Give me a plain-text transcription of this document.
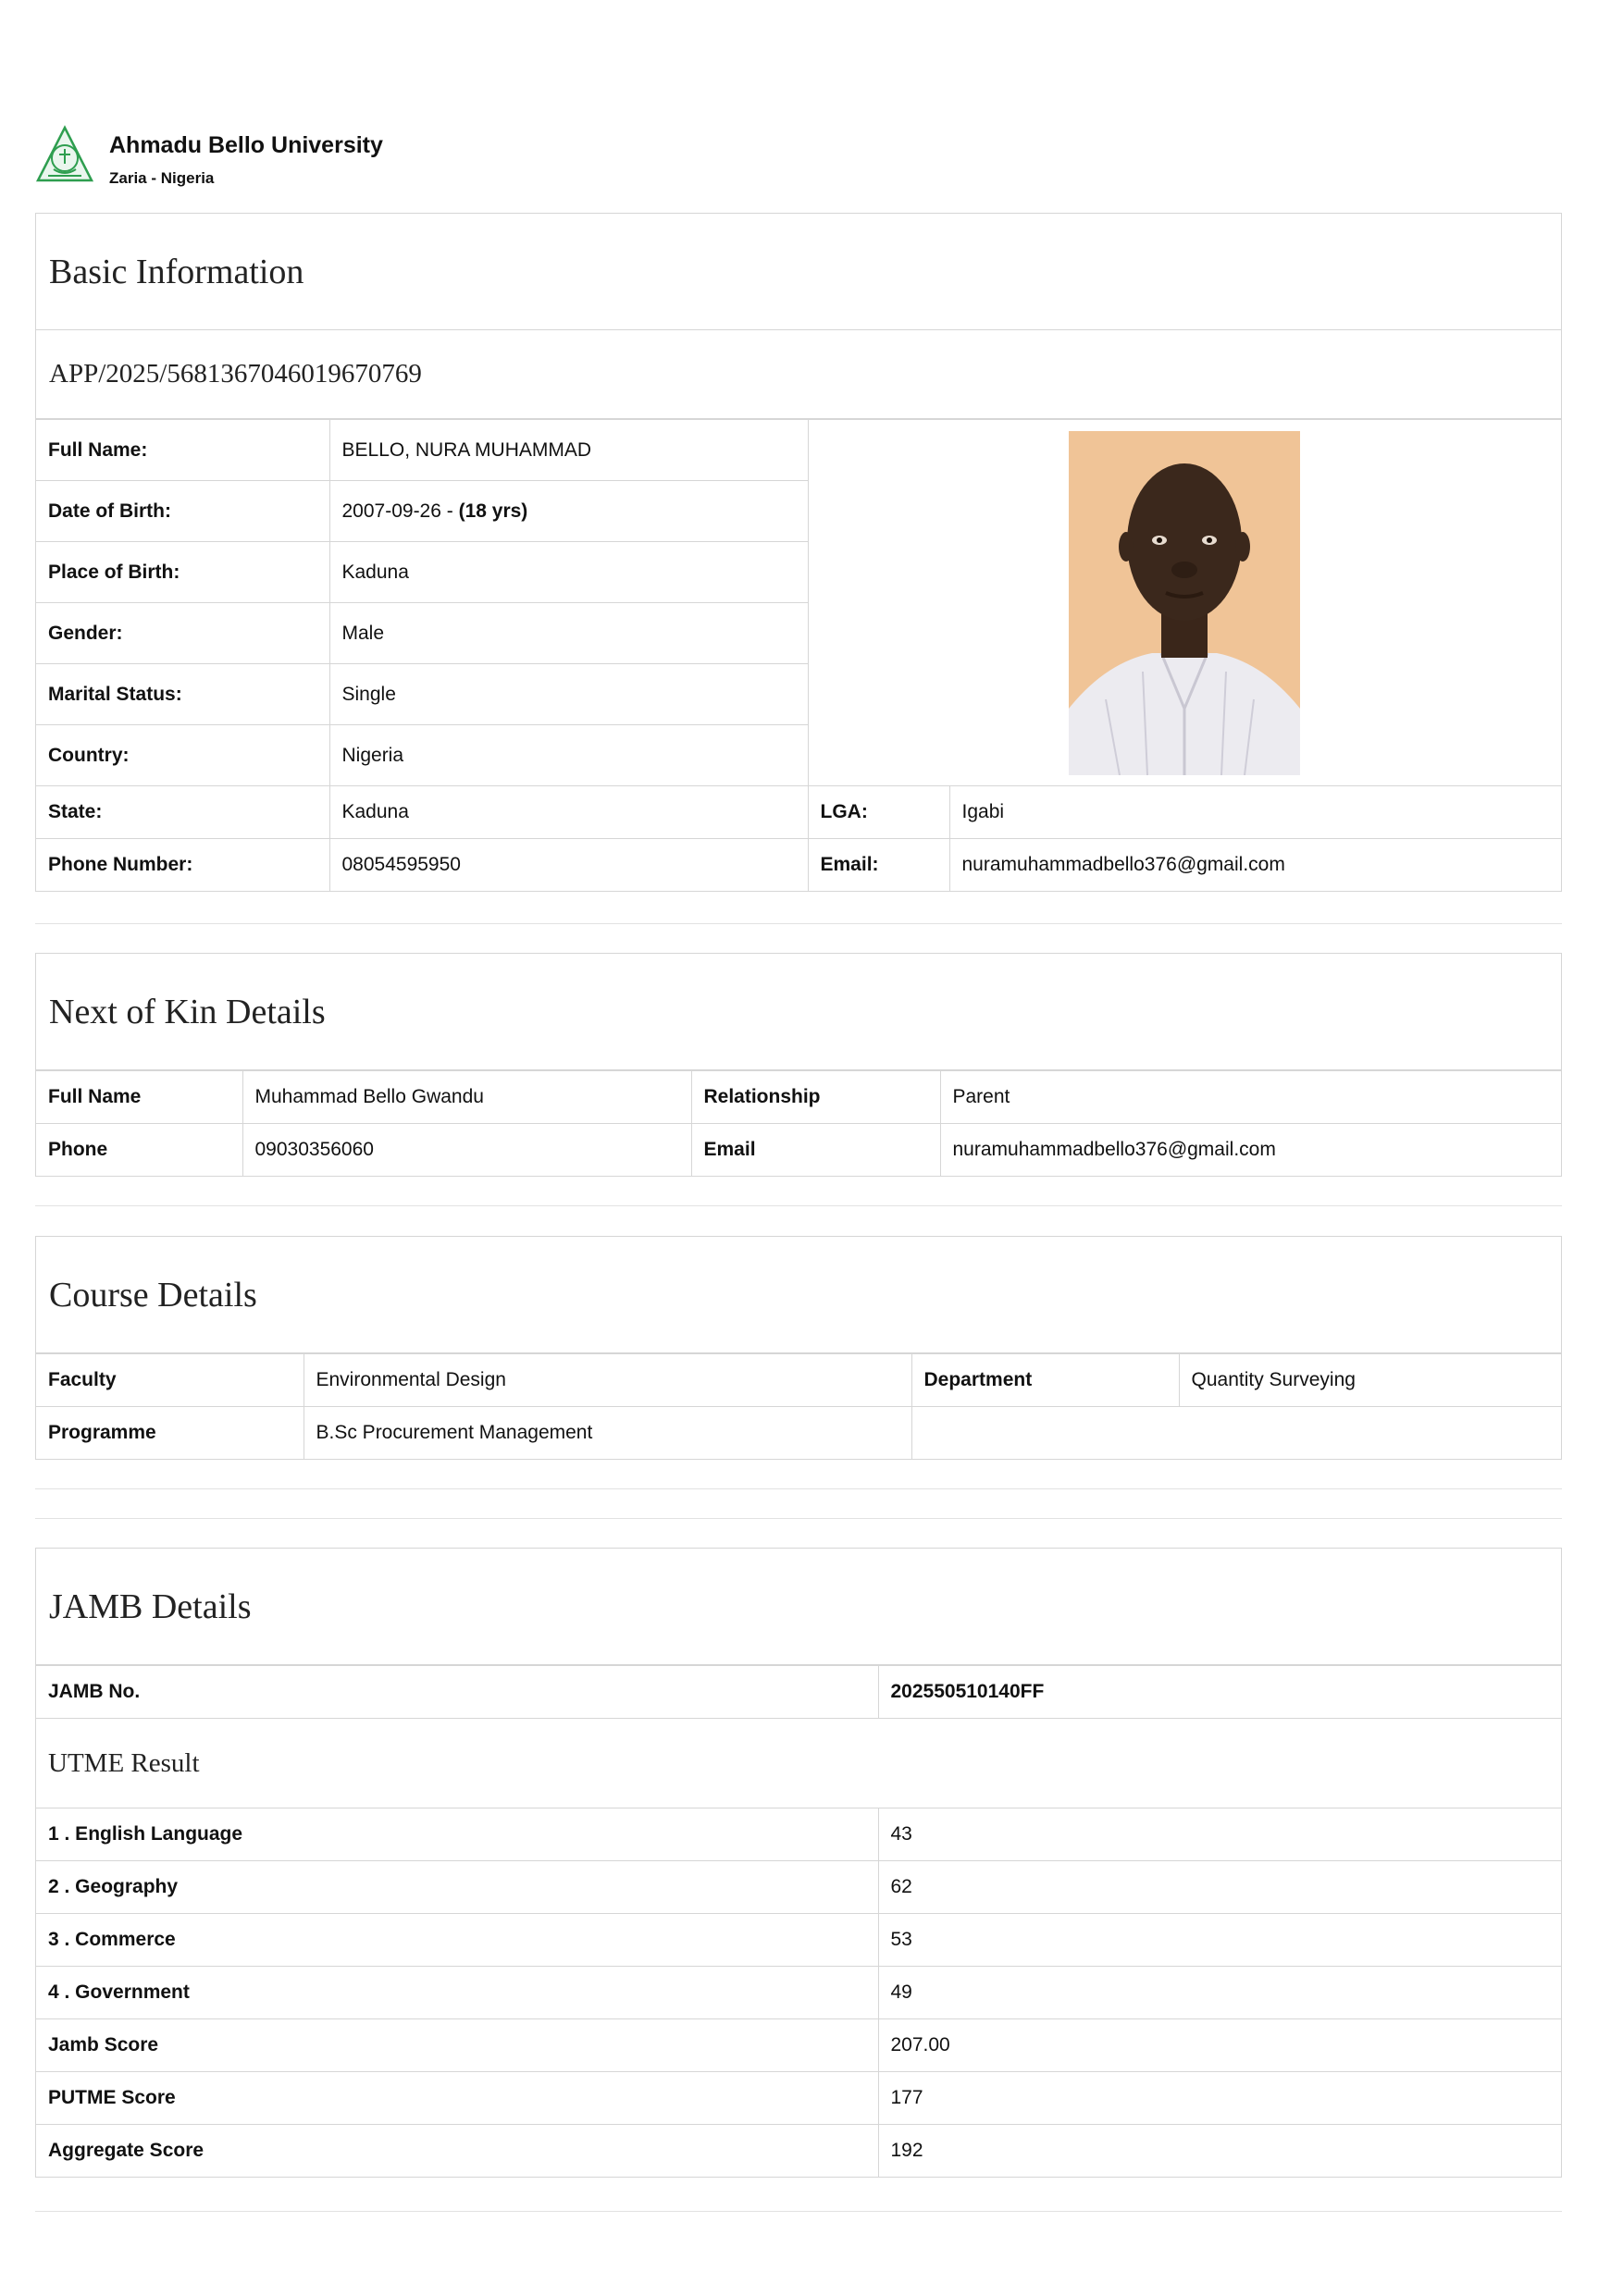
Ahmadu Bello University
Zaria - Nigeria
Basic Information
APP/2025/5681367046019670769
Full Name:	BELLO, NURA MUHAMMAD	
Date of Birth:	2007-09-26 - (18 yrs)		
Place of Birth:	Kaduna		
Gender:	Male		
Marital Status:	Single		
Country:	Nigeria		
State:	Kaduna	LGA:	Igabi
Phone Number:	08054595950	Email:	nuramuhammadbello376@gmail.com
Next of Kin Details
Full Name	Muhammad Bello Gwandu	Relationship	Parent
Phone	09030356060	Email	nuramuhammadbello376@gmail.com
Course Details
Faculty	Environmental Design	Department	Quantity Surveying
Programme	B.Sc Procurement Management		
JAMB Details
JAMB No.	202550510140FF
UTME Result	
1 . English Language	43
2 . Geography	62
3 . Commerce	53
4 . Government	49
Jamb Score	207.00
PUTME Score	177
Aggregate Score	192
